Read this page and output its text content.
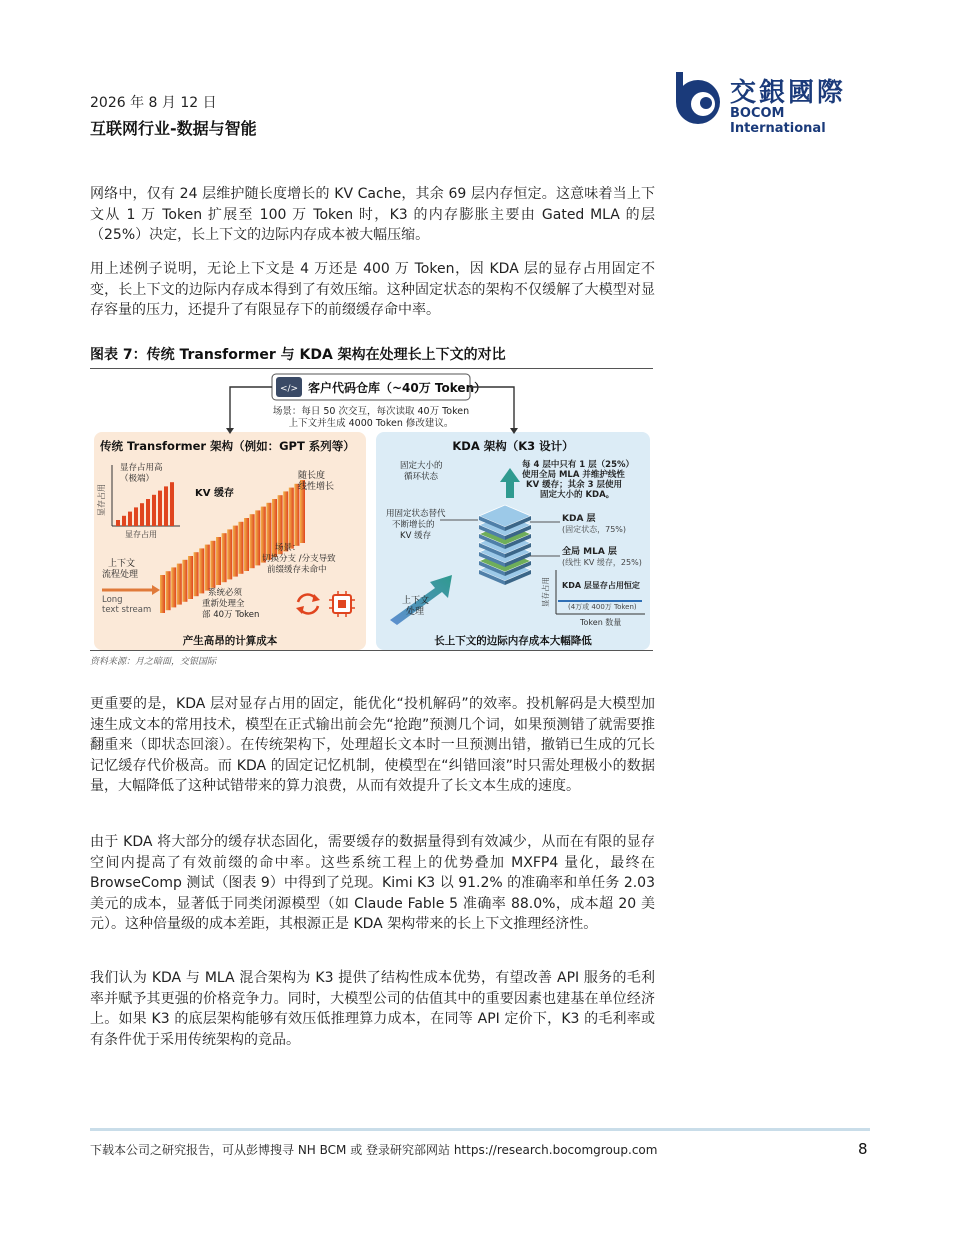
2026 年 8 月 12 日
互联网行业-数据与智能
交銀國際
BOCOM International

网络中，仅有 24 层维护随长度增长的 KV Cache，其余 69 层内存恒定。这意味着当上下文从 1 万 Token 扩展至 100 万 Token 时，K3 的内存膨胀主要由 Gated MLA 的层（25%）决定，长上下文的边际内存成本被大幅压缩。

用上述例子说明，无论上下文是 4 万还是 400 万 Token，因 KDA 层的显存占用固定不变，长上下文的边际内存成本得到了有效压缩。这种固定状态的架构不仅缓解了大模型对显存容量的压力，还提升了有限显存下的前缀缓存命中率。

图表 7：传统 Transformer 与 KDA 架构在处理长上下文的对比
</> 客户代码仓库（~40万 Token）
场景：每日 50 次交互，每次读取 40万 Token
上下文并生成 4000 Token 修改建议。
传统 Transformer 架构（例如：GPT 系列等）
显存占用
显存占用
显存占用高
（极端）
KV 缓存
随长度
线性增长
上下文
流程处理
Long
text stream
场景：
切换分支 /分支导致
前缀缓存未命中
系统必须
重新处理全
部 40万 Token
产生高昂的计算成本
KDA 架构（K3 设计）
固定大小的
循环状态
用固定状态替代
不断增长的
KV 缓存
每 4 层中只有 1 层（25%）
使用全局 MLA 并维护线性
KV 缓存；其余 3 层使用
固定大小的 KDA。
KDA 层
(固定状态，75%)
全局 MLA 层
(线性 KV 缓存，25%)
上下文
处理
显存占用 KDA 层显存占用恒定
(4万或 400万 Token)
Token 数量
长上下文的边际内存成本大幅降低
资料来源：月之暗面，交银国际

更重要的是，KDA 层对显存占用的固定，能优化“投机解码”的效率。投机解码是大模型加速生成文本的常用技术，模型在正式输出前会先“抢跑”预测几个词，如果预测错了就需要推翻重来（即状态回滚）。在传统架构下，处理超长文本时一旦预测出错，撤销已生成的冗长记忆缓存代价极高。而 KDA 的固定记忆机制，使模型在“纠错回滚”时只需处理极小的数据量，大幅降低了这种试错带来的算力浪费，从而有效提升了长文本生成的速度。

由于 KDA 将大部分的缓存状态固化，需要缓存的数据量得到有效减少，从而在有限的显存空间内提高了有效前缀的命中率。这些系统工程上的优势叠加 MXFP4 量化，最终在 BrowseComp 测试（图表 9）中得到了兑现。Kimi K3 以 91.2% 的准确率和单任务 2.03 美元的成本，显著低于同类闭源模型（如 Claude Fable 5 准确率 88.0%，成本超 20 美元）。这种倍量级的成本差距，其根源正是 KDA 架构带来的长上下文推理经济性。

我们认为 KDA 与 MLA 混合架构为 K3 提供了结构性成本优势，有望改善 API 服务的毛利率并赋予其更强的价格竞争力。同时，大模型公司的估值其中的重要因素也建基在单位经济上。如果 K3 的底层架构能够有效压低推理算力成本，在同等 API 定价下，K3 的毛利率或有条件优于采用传统架构的竞品。

下载本公司之研究报告，可从彭博搜寻 NH BCM 或 登录研究部网站 https://research.bocomgroup.com	8
